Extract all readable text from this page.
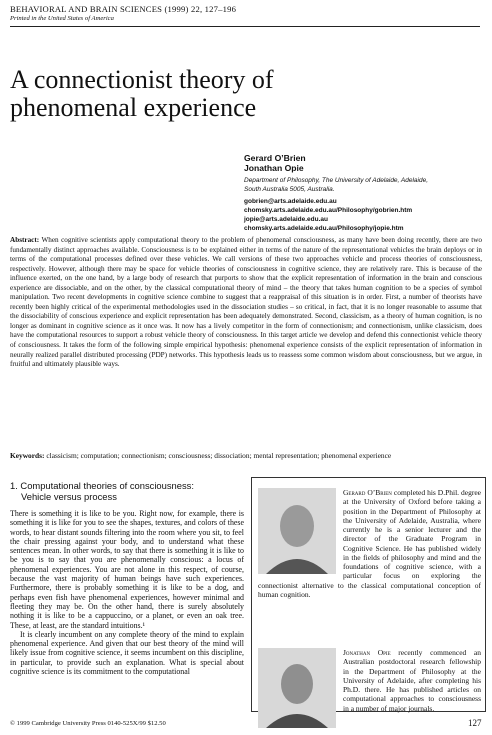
BEHAVIORAL AND BRAIN SCIENCES (1999) 22, 127–196
Printed in the United States of America
A connectionist theory of
phenomenal experience
Gerard O’Brien
Jonathan Opie
Department of Philosophy, The University of Adelaide, Adelaide,
South Australia 5005, Australia.
gobrien@arts.adelaide.edu.au
chomsky.arts.adelaide.edu.au/Philosophy/gobrien.htm
jopie@arts.adelaide.edu.au
chomsky.arts.adelaide.edu.au/Philosophy/jopie.htm
Abstract: When cognitive scientists apply computational theory to the problem of phenomenal consciousness, as many have been doing recently, there are two fundamentally distinct approaches available. Consciousness is to be explained either in terms of the nature of the representational vehicles the brain deploys or in terms of the computational processes defined over these vehicles. We call versions of these two approaches vehicle and process theories of consciousness, respectively. However, although there may be space for vehicle theories of consciousness in cognitive science, they are relatively rare. This is because of the influence exerted, on the one hand, by a large body of research that purports to show that the explicit representation of information in the brain and conscious experience are dissociable, and on the other, by the classical computational theory of mind – the theory that takes human cognition to be a species of symbol manipulation. Two recent developments in cognitive science combine to suggest that a reappraisal of this situation is in order. First, a number of theorists have recently been highly critical of the experimental methodologies used in the dissociation studies – so critical, in fact, that it is no longer reasonable to assume that the dissociability of conscious experience and explicit representation has been adequately demonstrated. Second, classicism, as a theory of human cognition, is no longer as dominant in cognitive science as it once was. It now has a lively competitor in the form of connectionism; and connectionism, unlike classicism, does have the computational resources to support a robust vehicle theory of consciousness. In this target article we develop and defend this connectionist vehicle theory of consciousness. It takes the form of the following simple empirical hypothesis: phenomenal experience consists of the explicit representation of information in neurally realized parallel distributed processing (PDP) networks. This hypothesis leads us to reassess some common wisdom about consciousness, but we argue, in fruitful and ultimately plausible ways.
Keywords: classicism; computation; connectionism; consciousness; dissociation; mental representation; phenomenal experience
1. Computational theories of consciousness:
Vehicle versus process

There is something it is like to be you. Right now, for example, there is something it is like for you to see the shapes, textures, and colors of these words, to hear distant sounds filtering into the room where you sit, to feel the chair pressing against your body, and to understand what these sentences mean. In other words, to say that there is something it is like to be you is to say that you are phenomenally conscious: a locus of phenomenal experiences. You are not alone in this respect, of course, because the vast majority of human beings have such experiences. Furthermore, there is probably something it is like to be a dog, and perhaps even fish have phenomenal experiences, however minimal and fleeting they may be. On the other hand, there is surely absolutely nothing it is like to be a cappuccino, or a planet, or even an oak tree. These, at least, are the standard intuitions.¹

It is clearly incumbent on any complete theory of the mind to explain phenomenal experience. And given that our best theory of the mind will likely issue from cognitive science, it seems incumbent on this discipline, in particular, to provide such an explanation. What is special about cognitive science is its commitment to the computational

Gerard O’Brien completed his D.Phil. degree at the University of Oxford before taking a position in the Department of Philosophy at the University of Adelaide, Australia, where currently he is a senior lecturer and the director of the Graduate Program in Cognitive Science. He has published widely in the fields of philosophy and mind and the foundations of cognitive science, with a particular focus on exploring the connectionist alternative to the classical computational conception of human cognition.
Jonathan Opie recently commenced an Australian postdoctoral research fellowship in the Department of Philosophy at the University of Adelaide, after completing his Ph.D. there. He has published articles on computational approaches to consciousness in a number of major journals.
© 1999 Cambridge University Press 0140-525X/99 $12.50	127
